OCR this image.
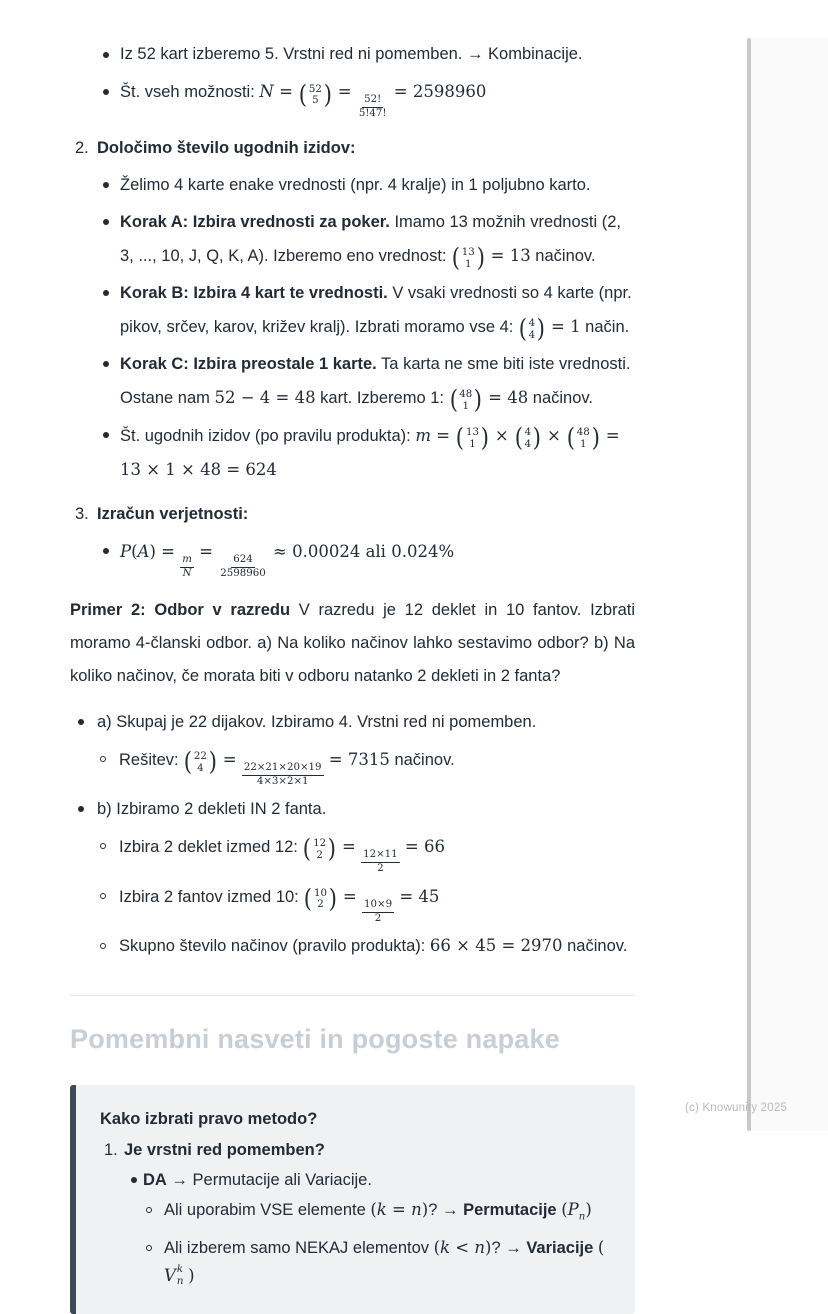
Iz 52 kart izberemo 5. Vrstni red ni pomemben. → Kombinacije.
Št. vseh možnosti: N = ( 52
5 ) =
$\frac{52!}{5!47!}$
= 2598960
2. Določimo število ugodnih izidov:
Želimo 4 karte enake vrednosti (npr. 4 kralje) in 1 poljubno karto.
Korak A: Izbira vrednosti za poker. Imamo 13 možnih vrednosti (2, 3, ..., 10, J, Q, K, A). Izberemo eno vrednost: ( 13
1 ) = 13 načinov.
Korak B: Izbira 4 kart te vrednosti. V vsaki vrednosti so 4 karte (npr. pikov, srčev, karov, križev kralj). Izbrati moramo vse 4: ( 4
4 ) = 1 način.
Korak C: Izbira preostale 1 karte. Ta karta ne sme biti iste vrednosti. Ostane nam 52 − 4 = 48 kart. Izberemo 1: ( 48
1 ) = 48 načinov.
Št. ugodnih izidov (po pravilu produkta): m = ( 13
1 ) × ( 4
4 ) × ( 48
1 ) = 13 × 1 × 48 = 624
3. Izračun verjetnosti:
P(A) =
$\frac{m}{N}$
=
$\frac{624}{2598960}$
≈ 0.00024 ali 0.024%

Primer 2: Odbor v razredu V razredu je 12 deklet in 10 fantov. Izbrati moramo 4-članski odbor. a) Na koliko načinov lahko sestavimo odbor? b) Na koliko načinov, če morata biti v odboru natanko 2 dekleti in 2 fanta?

a) Skupaj je 22 dijakov. Izbiramo 4. Vrstni red ni pomemben.
Rešitev: ( 22
4 ) =
$\frac{22\times 21\times 20\times 19}{4\times 3\times 2\times 1}$
= 7315 načinov.
b) Izbiramo 2 dekleti IN 2 fanta.
Izbira 2 deklet izmed 12: ( 12
2 ) =
$\frac{12\times 11}{2}$
= 66
Izbira 2 fantov izmed 10: ( 10
2 ) =
$\frac{10\times 9}{2}$
= 45
Skupno število načinov (pravilo produkta): 66 × 45 = 2970 načinov.
Pomembni nasveti in pogoste napake

Kako izbrati pravo metodo?

1. Je vrstni red pomemben?
DA → Permutacije ali Variacije.
Ali uporabim VSE elemente (k = n)? → Permutacije $(P_n)$
Ali izberem samo NEKAJ elementov (k < n)? → Variacije (
V k
n )
(c) Knowunity 2025
